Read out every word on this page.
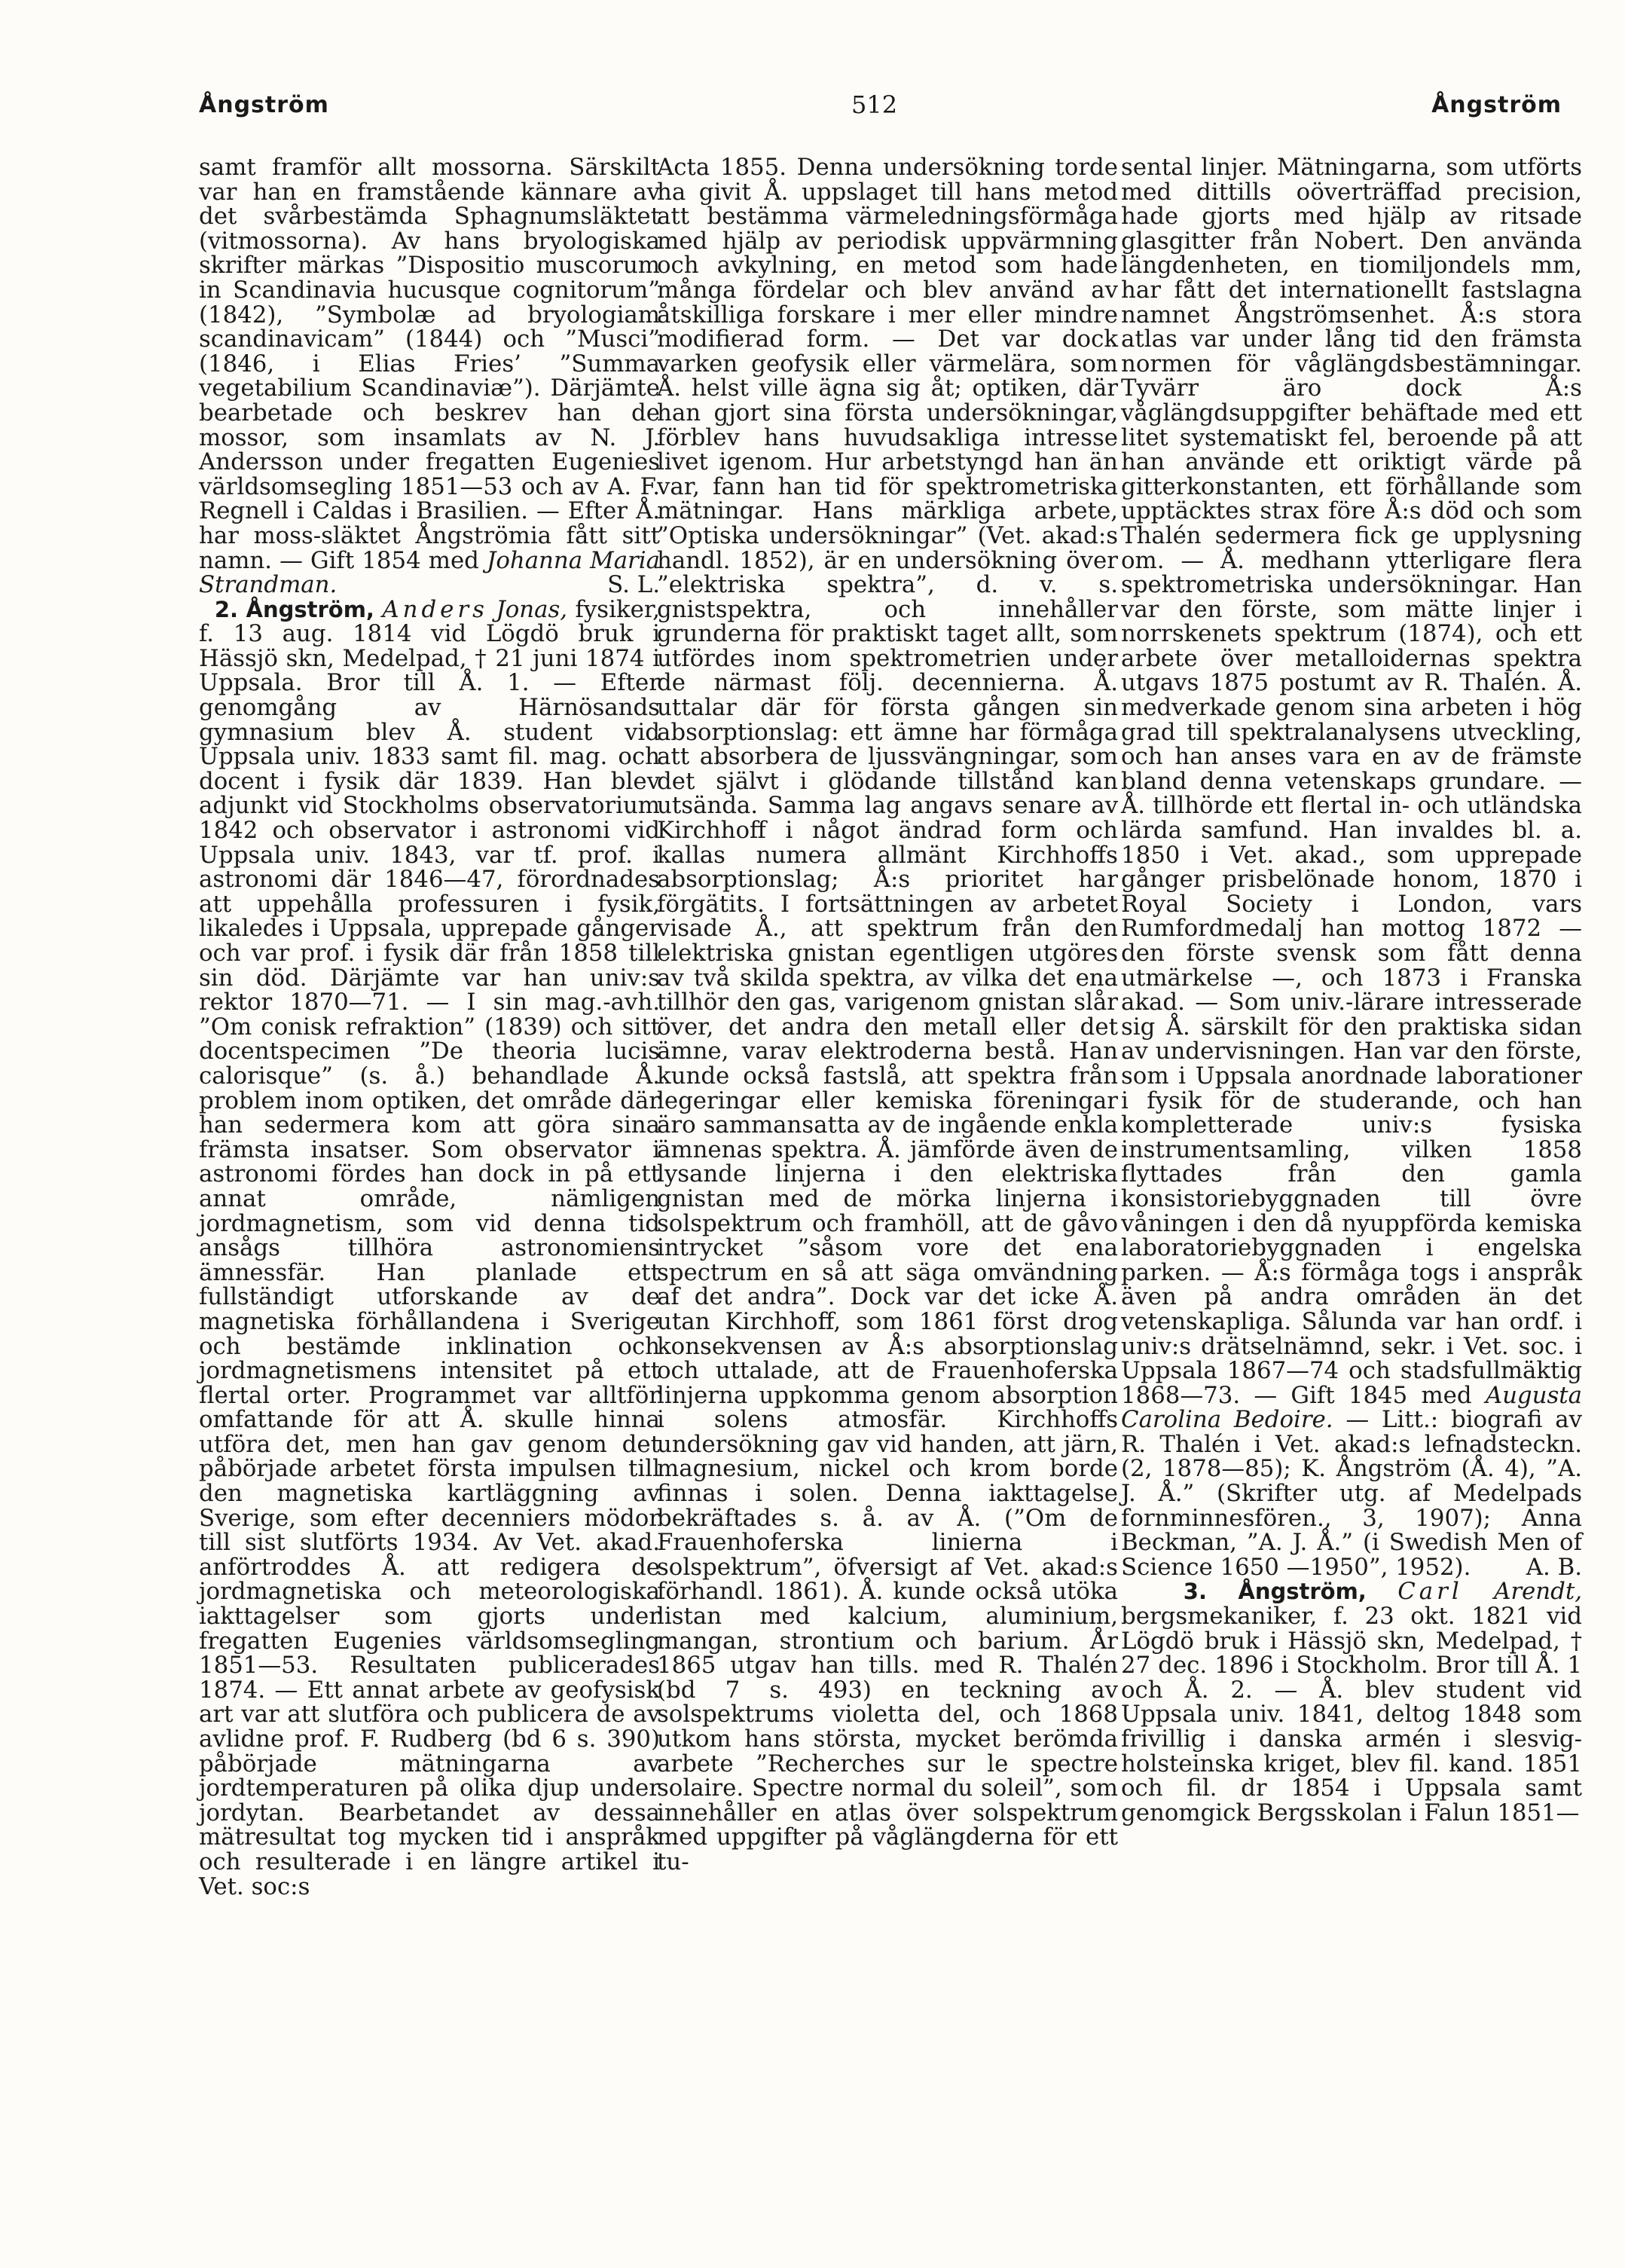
Ångström	512	Ångström

samt framför allt mossorna. Särskilt var han en framstående kännare av det svårbestämda Sphagnumsläktet (vitmossorna). Av hans bryologiska skrifter märkas ”Dispositio muscorum in Scandinavia hucusque cognitorum” (1842), ”Symbolæ ad bryologiam scandinavicam” (1844) och ”Musci” (1846, i Elias Fries’ ”Summa vegetabilium Scandinaviæ”). Därjämte bearbetade och beskrev han de mossor, som insamlats av N. J. Andersson under fregatten Eugenies världsomsegling 1851—53 och av A. F. Regnell i Caldas i Brasilien. — Efter Å. har moss-släktet Ångströmia fått sitt namn. — Gift 1854 med Johanna Maria Strandman.	S. L.

2. Ångström, Anders Jonas, fysiker, f. 13 aug. 1814 vid Lögdö bruk i Hässjö skn, Medelpad, † 21 juni 1874 i Uppsala. Bror till Å. 1. — Efter genomgång av Härnösands gymnasium blev Å. student vid Uppsala univ. 1833 samt fil. mag. och docent i fysik där 1839. Han blev adjunkt vid Stockholms observatorium 1842 och observator i astronomi vid Uppsala univ. 1843, var tf. prof. i astronomi där 1846—47, förordnades att uppehålla professuren i fysik, likaledes i Uppsala, upprepade gånger och var prof. i fysik där från 1858 till sin död. Därjämte var han univ:s rektor 1870—71. — I sin mag.-avh. ”Om conisk refraktion” (1839) och sitt docentspecimen ”De theoria lucis calorisque” (s. å.) behandlade Å. problem inom optiken, det område där han sedermera kom att göra sina främsta insatser. Som observator i astronomi fördes han dock in på ett annat område, nämligen jordmagnetism, som vid denna tid ansågs tillhöra astronomiens ämnessfär. Han planlade ett fullständigt utforskande av de magnetiska förhållandena i Sverige och bestämde inklination och jordmagnetismens intensitet på ett flertal orter. Programmet var alltför omfattande för att Å. skulle hinna utföra det, men han gav genom det påbörjade arbetet första impulsen till den magnetiska kartläggning av Sverige, som efter decenniers mödor till sist slutförts 1934. Av Vet. akad. anförtroddes Å. att redigera de jordmagnetiska och meteorologiska iakttagelser som gjorts under fregatten Eugenies världsomsegling 1851—53. Resultaten publicerades 1874. — Ett annat arbete av geofysisk art var att slutföra och publicera de av avlidne prof. F. Rudberg (bd 6 s. 390) påbörjade mätningarna av jordtemperaturen på olika djup under jordytan. Bearbetandet av dessa mätresultat tog mycken tid i anspråk och resulterade i en längre artikel i Vet. soc:s

Acta 1855. Denna undersökning torde ha givit Å. uppslaget till hans metod att bestämma värmeledningsförmåga med hjälp av periodisk uppvärmning och avkylning, en metod som hade många fördelar och blev använd av åtskilliga forskare i mer eller mindre modifierad form. — Det var dock varken geofysik eller värmelära, som Å. helst ville ägna sig åt; optiken, där han gjort sina första undersökningar, förblev hans huvudsakliga intresse livet igenom. Hur arbetstyngd han än var, fann han tid för spektrometriska mätningar. Hans märkliga arbete, ”Optiska undersökningar” (Vet. akad:s handl. 1852), är en undersökning över ”elektriska spektra”, d. v. s. gnistspektra, och innehåller grunderna för praktiskt taget allt, som utfördes inom spektrometrien under de närmast följ. decennierna. Å. uttalar där för första gången sin absorptionslag: ett ämne har förmåga att absorbera de ljussvängningar, som det självt i glödande tillstånd kan utsända. Samma lag angavs senare av Kirchhoff i något ändrad form och kallas numera allmänt Kirchhoffs absorptionslag; Å:s prioritet har förgätits. I fortsättningen av arbetet visade Å., att spektrum från den elektriska gnistan egentligen utgöres av två skilda spektra, av vilka det ena tillhör den gas, varigenom gnistan slår över, det andra den metall eller det ämne, varav elektroderna bestå. Han kunde också fastslå, att spektra från legeringar eller kemiska föreningar äro sammansatta av de ingående enkla ämnenas spektra. Å. jämförde även de lysande linjerna i den elektriska gnistan med de mörka linjerna i solspektrum och framhöll, att de gåvo intrycket ”såsom vore det ena spectrum en så att säga omvändning af det andra”. Dock var det icke Å. utan Kirchhoff, som 1861 först drog konsekvensen av Å:s absorptionslag och uttalade, att de Frauenhoferska linjerna uppkomma genom absorption i solens atmosfär. Kirchhoffs undersökning gav vid handen, att järn, magnesium, nickel och krom borde finnas i solen. Denna iakttagelse bekräftades s. å. av Å. (”Om de Frauenhoferska linierna i solspektrum”, öfversigt af Vet. akad:s förhandl. 1861). Å. kunde också utöka listan med kalcium, aluminium, mangan, strontium och barium. År 1865 utgav han tills. med R. Thalén (bd 7 s. 493) en teckning av solspektrums violetta del, och 1868 utkom hans största, mycket berömda arbete ”Recherches sur le spectre solaire. Spectre normal du soleil”, som innehåller en atlas över solspektrum med uppgifter på våglängderna för ett tu-

sental linjer. Mätningarna, som utförts med dittills oöverträffad precision, hade gjorts med hjälp av ritsade glasgitter från Nobert. Den använda längdenheten, en tiomiljondels mm, har fått det internationellt fastslagna namnet Ångströmsenhet. Å:s stora atlas var under lång tid den främsta normen för våglängdsbestämningar. Tyvärr äro dock Å:s våglängdsuppgifter behäftade med ett litet systematiskt fel, beroende på att han använde ett oriktigt värde på gitterkonstanten, ett förhållande som upptäcktes strax före Å:s död och som Thalén sedermera fick ge upplysning om. — Å. medhann ytterligare flera spektrometriska undersökningar. Han var den förste, som mätte linjer i norrskenets spektrum (1874), och ett arbete över metalloidernas spektra utgavs 1875 postumt av R. Thalén. Å. medverkade genom sina arbeten i hög grad till spektralanalysens utveckling, och han anses vara en av de främste bland denna vetenskaps grundare. — Å. tillhörde ett flertal in- och utländska lärda samfund. Han invaldes bl. a. 1850 i Vet. akad., som upprepade gånger prisbelönade honom, 1870 i Royal Society i London, vars Rumfordmedalj han mottog 1872 — den förste svensk som fått denna utmärkelse —, och 1873 i Franska akad. — Som univ.-lärare intresserade sig Å. särskilt för den praktiska sidan av undervisningen. Han var den förste, som i Uppsala anordnade laborationer i fysik för de studerande, och han kompletterade univ:s fysiska instrumentsamling, vilken 1858 flyttades från den gamla konsistoriebyggnaden till övre våningen i den då nyuppförda kemiska laboratoriebyggnaden i engelska parken. — Å:s förmåga togs i anspråk även på andra områden än det vetenskapliga. Sålunda var han ordf. i univ:s drätselnämnd, sekr. i Vet. soc. i Uppsala 1867—74 och stadsfullmäktig 1868—73. — Gift 1845 med Augusta Carolina Bedoire. — Litt.: biografi av R. Thalén i Vet. akad:s lefnadsteckn. (2, 1878—85); K. Ångström (Å. 4), ”A. J. Å.” (Skrifter utg. af Medelpads fornminnesfören., 3, 1907); Anna Beckman, ”A. J. Å.” (i Swedish Men of Science 1650 —1950”, 1952). A. B.

3. Ångström, Carl Arendt, bergsmekaniker, f. 23 okt. 1821 vid Lögdö bruk i Hässjö skn, Medelpad, † 27 dec. 1896 i Stockholm. Bror till Å. 1 och Å. 2. — Å. blev student vid Uppsala univ. 1841, deltog 1848 som frivillig i danska armén i slesvig-holsteinska kriget, blev fil. kand. 1851 och fil. dr 1854 i Uppsala samt genomgick Bergsskolan i Falun 1851—
